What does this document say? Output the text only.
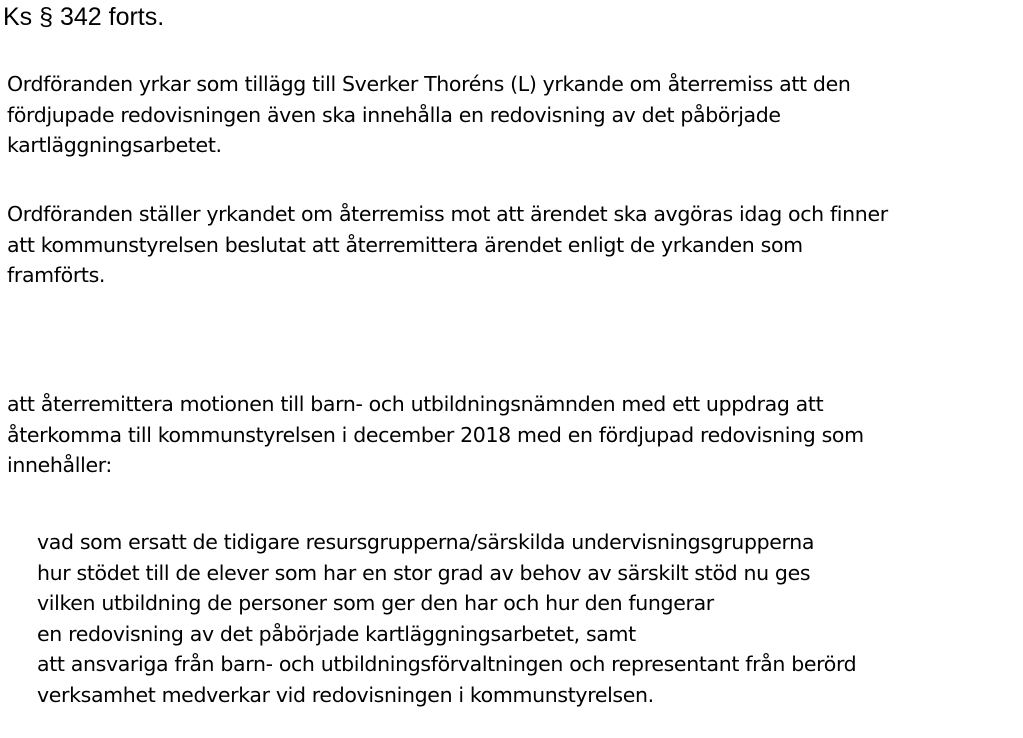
Ks § 342 forts.
Ordföranden yrkar som tillägg till Sverker Thoréns (L) yrkande om återremiss att den
fördjupade redovisningen även ska innehålla en redovisning av det påbörjade
kartläggningsarbetet.
Ordföranden ställer yrkandet om återremiss mot att ärendet ska avgöras idag och finner
att kommunstyrelsen beslutat att återremittera ärendet enligt de yrkanden som
framförts.
att återremittera motionen till barn- och utbildningsnämnden med ett uppdrag att
återkomma till kommunstyrelsen i december 2018 med en fördjupad redovisning som
innehåller:
vad som ersatt de tidigare resursgrupperna/särskilda undervisningsgrupperna
hur stödet till de elever som har en stor grad av behov av särskilt stöd nu ges
vilken utbildning de personer som ger den har och hur den fungerar
en redovisning av det påbörjade kartläggningsarbetet, samt
att ansvariga från barn- och utbildningsförvaltningen och representant från berörd
verksamhet medverkar vid redovisningen i kommunstyrelsen.
